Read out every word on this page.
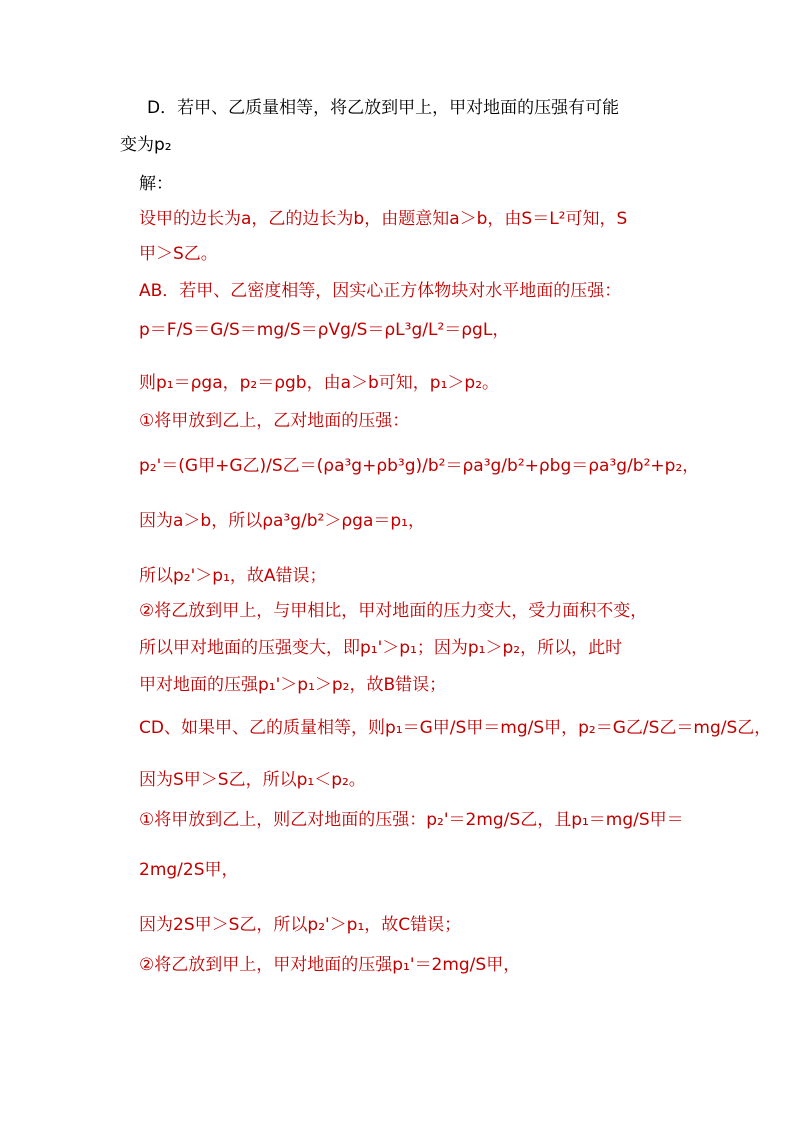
D．若甲、乙质量相等，将乙放到甲上，甲对地面的压强有可能
变为p₂
解：
设甲的边长为a，乙的边长为b，由题意知a＞b，由S＝L²可知，S
甲＞S乙。
AB．若甲、乙密度相等，因实心正方体物块对水平地面的压强：
p＝F/S＝G/S＝mg/S＝ρVg/S＝ρL³g/L²＝ρgL，
则p₁＝ρga，p₂＝ρgb，由a＞b可知，p₁＞p₂。
①将甲放到乙上，乙对地面的压强：
p₂'＝(G甲+G乙)/S乙＝(ρa³g+ρb³g)/b²＝ρa³g/b²+ρbg＝ρa³g/b²+p₂，
因为a＞b，所以ρa³g/b²＞ρga＝p₁，
所以p₂'＞p₁，故A错误；
②将乙放到甲上，与甲相比，甲对地面的压力变大，受力面积不变，
所以甲对地面的压强变大，即p₁'＞p₁；因为p₁＞p₂，所以，此时
甲对地面的压强p₁'＞p₁＞p₂，故B错误；
CD、如果甲、乙的质量相等，则p₁＝G甲/S甲＝mg/S甲，p₂＝G乙/S乙＝mg/S乙，
因为S甲＞S乙，所以p₁＜p₂。
①将甲放到乙上，则乙对地面的压强：p₂'＝2mg/S乙，且p₁＝mg/S甲＝
2mg/2S甲，
因为2S甲＞S乙，所以p₂'＞p₁，故C错误；
②将乙放到甲上，甲对地面的压强p₁'＝2mg/S甲，
